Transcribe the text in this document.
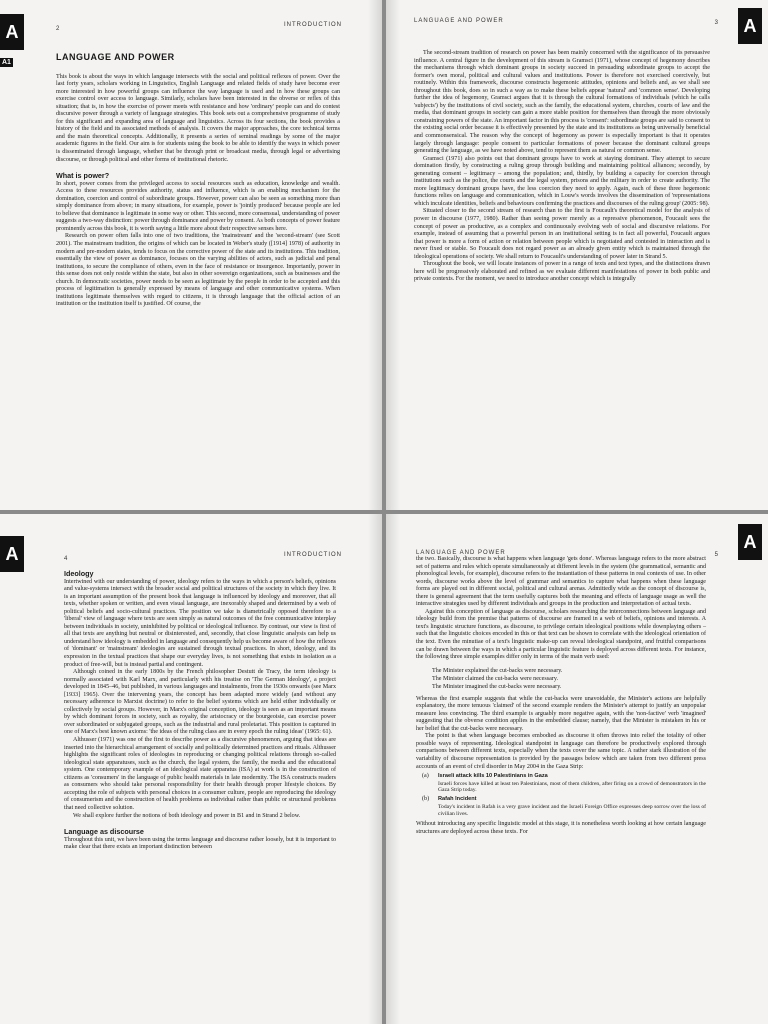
A
A1
2
INTRODUCTION
LANGUAGE AND POWER

This book is about the ways in which language intersects with the social and political reflexes of power. Over the last forty years, scholars working in Linguistics, English Language and related fields of study have become ever more interested in how powerful groups can influence the way language is used and in how these groups can exercise control over access to language. Similarly, scholars have been interested in the obverse or reflex of this situation; that is, in how the exercise of power meets with resistance and how 'ordinary' people can and do contest discursive power through a variety of language strategies. This book sets out a comprehensive programme of study for this significant and expanding area of language and linguistics. Across its four sections, the book provides a history of the field and its associated methods of analysis. It covers the major approaches, the core technical terms and the main theoretical concepts. Additionally, it presents a series of seminal readings by some of the major academic figures in the field. Our aim is for students using the book to be able to identify the ways in which power is disseminated through language, whether that be through print or broadcast media, through legal or advertising discourse, or through political and other forms of institutional rhetoric.

What is power?

In short, power comes from the privileged access to social resources such as education, knowledge and wealth. Access to these resources provides authority, status and influence, which is an enabling mechanism for the domination, coercion and control of subordinate groups. However, power can also be seen as something more than simply dominance from above; in many situations, for example, power is 'jointly produced' because people are led to believe that dominance is legitimate in some way or other. This second, more consensual, understanding of power suggests a two-way distinction: power through dominance and power by consent. As both concepts of power feature prominently across this book, it is worth saying a little more about their respective senses here.

Research on power often falls into one of two traditions, the 'mainstream' and the 'second-stream' (see Scott 2001). The mainstream tradition, the origins of which can be located in Weber's study ([1914] 1978) of authority in modern and pre-modern states, tends to focus on the corrective power of the state and its institutions. This tradition, essentially the view of power as dominance, focuses on the varying abilities of actors, such as judicial and penal institutions, to secure the compliance of others, even in the face of resistance or insurgence. Importantly, power in this sense does not only reside within the state, but also in other sovereign organizations, such as businesses and the church. In democratic societies, power needs to be seen as legitimate by the people in order to be accepted and this process of legitimation is generally expressed by means of language and other communicative systems. When institutions legitimate themselves with regard to citizens, it is through language that the official action of an institution or the institution itself is justified. Of course, the

A
LANGUAGE AND POWER	3

The second-stream tradition of research on power has been mainly concerned with the significance of its persuasive influence. A central figure in the development of this stream is Gramsci (1971), whose concept of hegemony describes the mechanisms through which dominant groups in society succeed in persuading subordinate groups to accept the former's own moral, political and cultural values and institutions. Power is therefore not exercised coercively, but routinely. Within this framework, discourse constructs hegemonic attitudes, opinions and beliefs and, as we shall see throughout this book, does so in such a way as to make these beliefs appear 'natural' and 'common sense'. Developing further the idea of hegemony, Gramsci argues that it is through the cultural formations of individuals (which he calls 'subjects') by the institutions of civil society, such as the family, the educational system, churches, courts of law and the media, that dominant groups in society can gain a more stable position for themselves than through the more obviously constraining powers of the state. An important factor in this process is 'consent': subordinate groups are said to consent to the existing social order because it is effectively presented by the state and its institutions as being universally beneficial and commonsensical. The reason why the concept of hegemony as power is especially important is that it operates largely through language: people consent to particular formations of power because the dominant cultural groups generating the language, as we have noted above, tend to represent them as natural or common sense.

Gramsci (1971) also points out that dominant groups have to work at staying dominant. They attempt to secure domination firstly, by constructing a ruling group through building and maintaining political alliances; secondly, by generating consent – legitimacy – among the population; and, thirdly, by building a capacity for coercion through institutions such as the police, the courts and the legal system, prisons and the military in order to create authority. The more legitimacy dominant groups have, the less coercion they need to apply. Again, each of these three hegemonic functions relies on language and communication, which in Louw's words involves the dissemination of 'representations which inculcate identities, beliefs and behaviours confirming the practices and discourses of the ruling group' (2005: 98).

Situated closer to the second stream of research than to the first is Foucault's theoretical model for the analysis of power in discourse (1977, 1980). Rather than seeing power merely as a repressive phenomenon, Foucault sees the concept of power as productive, as a complex and continuously evolving web of social and discursive relations. For example, instead of assuming that a powerful person in an institutional setting is in fact all powerful, Foucault argues that power is more a form of action or relation between people which is negotiated and contested in interaction and is never fixed or stable. So Foucault does not regard power as an already given entity which is maintained through the ideological operations of society. We shall return to Foucault's understanding of power later in Strand 5.

Throughout the book, we will locate instances of power in a range of texts and text types, and the distinctions drawn here will be progressively elaborated and refined as we evaluate different manifestations of power in both public and private contexts. For the moment, we need to introduce another concept which is integrally

A	4
INTRODUCTION
Ideology

Intertwined with our understanding of power, ideology refers to the ways in which a person's beliefs, opinions and value-systems intersect with the broader social and political structures of the society in which they live. It is an important assumption of the present book that language is influenced by ideology and moreover, that all texts, whether spoken or written, and even visual language, are inexorably shaped and determined by a web of political beliefs and socio-cultural practices. The position we take is diametrically opposed therefore to a 'liberal' view of language where texts are seen simply as natural outcomes of the free communicative interplay between individuals in society, uninhibited by political or ideological influence. By contrast, our view is first of all that texts are anything but neutral or disinterested, and, secondly, that close linguistic analysis can help us understand how ideology is embedded in language and consequently help us become aware of how the reflexes of 'dominant' or 'mainstream' ideologies are sustained through textual practices. In short, ideology, and its expression in the textual practices that shape our everyday lives, is not something that exists in isolation as a product of free-will, but is instead partial and contingent.

Although coined in the early 1800s by the French philosopher Destutt de Tracy, the term ideology is normally associated with Karl Marx, and particularly with his treatise on 'The German Ideology', a project developed in 1845–46, but published, in various languages and instalments, from the 1930s onwards (see Marx [1933] 1965). Over the intervening years, the concept has been adapted more widely (and without any necessary adherence to Marxist doctrine) to refer to the belief systems which are held either individually or collectively by social groups. However, in Marx's original conception, ideology is seen as an important means by which dominant forces in society, such as royalty, the aristocracy or the bourgeoisie, can exercise power over subordinated or subjugated groups, such as the industrial and rural proletariat. This position is captured in one of Marx's best known axioms: 'the ideas of the ruling class are in every epoch the ruling ideas' (1965: 61).

Althusser (1971) was one of the first to describe power as a discursive phenomenon, arguing that ideas are inserted into the hierarchical arrangement of socially and politically determined practices and rituals. Althusser highlights the significant roles of ideologies in reproducing or changing political relations through so-called ideological state apparatuses, such as the church, the legal system, the family, the media and the educational system. One contemporary example of an ideological state apparatus (ISA) at work is in the construction of citizens as 'consumers' in the language of public health materials in late modernity. The ISA constructs readers as consumers who should take personal responsibility for their health through proper lifestyle choices. By accepting the role of subjects with personal choices in a consumer culture, people are reproducing the ideology of consumerism and the construction of health problems as individual rather than public or structural problems that need collective solution.

We shall explore further the notions of both ideology and power in B1 and in Strand 2 below.

Language as discourse

Throughout this unit, we have been using the terms language and discourse rather loosely, but it is important to make clear that there exists an important distinction between

A
LANGUAGE AND POWER	5

the two. Basically, discourse is what happens when language 'gets done'. Whereas language refers to the more abstract set of patterns and rules which operate simultaneously at different levels in the system (the grammatical, semantic and phonological levels, for example), discourse refers to the instantiation of these patterns in real contexts of use. In other words, discourse works above the level of grammar and semantics to capture what happens when these language forms are played out in different social, political and cultural arenas. Admittedly wide as the concept of discourse is, there is general agreement that the term usefully captures both the meaning and effects of language usage as well the interactive strategies used by different individuals and groups in the production and interpretation of actual texts.

Against this conception of language as discourse, scholars researching the interconnections between language and ideology build from the premise that patterns of discourse are framed in a web of beliefs, opinions and interests. A text's linguistic structure functions, as discourse, to privilege certain ideological positions while downplaying others – such that the linguistic choices encoded in this or that text can be shown to correlate with the ideological orientation of the text. Even the minutiae of a text's linguistic make-up can reveal ideological standpoint, and fruitful comparisons can be drawn between the ways in which a particular linguistic feature is deployed across different texts. For instance, the following three simple examples differ only in terms of the main verb used:

The Minister explained the cut-backs were necessary.
The Minister claimed the cut-backs were necessary.
The Minister imagined the cut-backs were necessary.

Whereas the first example suggests that while the cut-backs were unavoidable, the Minister's actions are helpfully explanatory, the more tenuous 'claimed' of the second example renders the Minister's attempt to justify an unpopular measure less convincing. The third example is arguably more negative again, with the 'non-factive' verb 'imagined' suggesting that the obverse condition applies in the embedded clause; namely, that the Minister is mistaken in his or her belief that the cut-backs were necessary.

The point is that when language becomes embodied as discourse it often throws into relief the totality of other possible ways of representing. Ideological standpoint in language can therefore be productively explored through comparisons between different texts, especially when the texts cover the same topic. A rather stark illustration of the variability of discourse representation is provided by the passages below which are taken from two different press accounts of an event of civil disorder in May 2004 in the Gaza Strip:

(a)	Israeli attack kills 10 Palestinians in Gaza
Israeli forces have killed at least ten Palestinians, most of them children, after firing on a crowd of demonstrators in the Gaza Strip today.
(b)	Rafah Incident
Today's incident in Rafah is a very grave incident and the Israeli Foreign Office expresses deep sorrow over the loss of civilian lives.

Without introducing any specific linguistic model at this stage, it is nonetheless worth looking at how certain language structures are deployed across these texts. For
